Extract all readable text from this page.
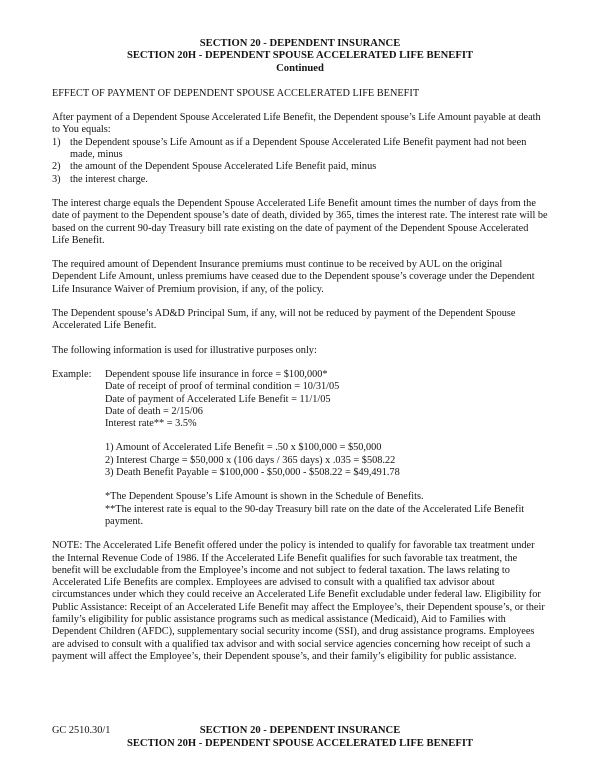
SECTION 20 - DEPENDENT INSURANCE
SECTION 20H - DEPENDENT SPOUSE ACCELERATED LIFE BENEFIT
Continued
EFFECT OF PAYMENT OF DEPENDENT SPOUSE ACCELERATED LIFE BENEFIT

After payment of a Dependent Spouse Accelerated Life Benefit, the Dependent spouse’s Life Amount payable at death to You equals:

1) the Dependent spouse’s Life Amount as if a Dependent Spouse Accelerated Life Benefit payment had not been made, minus
2) the amount of the Dependent Spouse Accelerated Life Benefit paid, minus
3) the interest charge.

The interest charge equals the Dependent Spouse Accelerated Life Benefit amount times the number of days from the date of payment to the Dependent spouse’s date of death, divided by 365, times the interest rate. The interest rate will be based on the current 90-day Treasury bill rate existing on the date of payment of the Dependent Spouse Accelerated Life Benefit.

The required amount of Dependent Insurance premiums must continue to be received by AUL on the original Dependent Life Amount, unless premiums have ceased due to the Dependent spouse’s coverage under the Dependent Life Insurance Waiver of Premium provision, if any, of the policy.

The Dependent spouse’s AD&D Principal Sum, if any, will not be reduced by payment of the Dependent Spouse Accelerated Life Benefit.

The following information is used for illustrative purposes only:

Example:	Dependent spouse life insurance in force = $100,000*
Date of receipt of proof of terminal condition = 10/31/05
Date of payment of Accelerated Life Benefit = 11/1/05
Date of death = 2/15/06
Interest rate** = 3.5%
1) Amount of Accelerated Life Benefit = .50 x $100,000 = $50,000
2) Interest Charge = $50,000 x (106 days / 365 days) x .035 = $508.22
3) Death Benefit Payable = $100,000 - $50,000 - $508.22 = $49,491.78
*The Dependent Spouse’s Life Amount is shown in the Schedule of Benefits.
**The interest rate is equal to the 90-day Treasury bill rate on the date of the Accelerated Life Benefit payment.

NOTE: The Accelerated Life Benefit offered under the policy is intended to qualify for favorable tax treatment under the Internal Revenue Code of 1986. If the Accelerated Life Benefit qualifies for such favorable tax treatment, the benefit will be excludable from the Employee’s income and not subject to federal taxation. The laws relating to Accelerated Life Benefits are complex. Employees are advised to consult with a qualified tax advisor about circumstances under which they could receive an Accelerated Life Benefit excludable under federal law. Eligibility for Public Assistance: Receipt of an Accelerated Life Benefit may affect the Employee’s, their Dependent spouse’s, or their family’s eligibility for public assistance programs such as medical assistance (Medicaid), Aid to Families with Dependent Children (AFDC), supplementary social security income (SSI), and drug assistance programs. Employees are advised to consult with a qualified tax advisor and with social service agencies concerning how receipt of such a payment will affect the Employee’s, their Dependent spouse’s, and their family’s eligibility for public assistance.

GC 2510.30/1	SECTION 20 - DEPENDENT INSURANCE
SECTION 20H - DEPENDENT SPOUSE ACCELERATED LIFE BENEFIT
